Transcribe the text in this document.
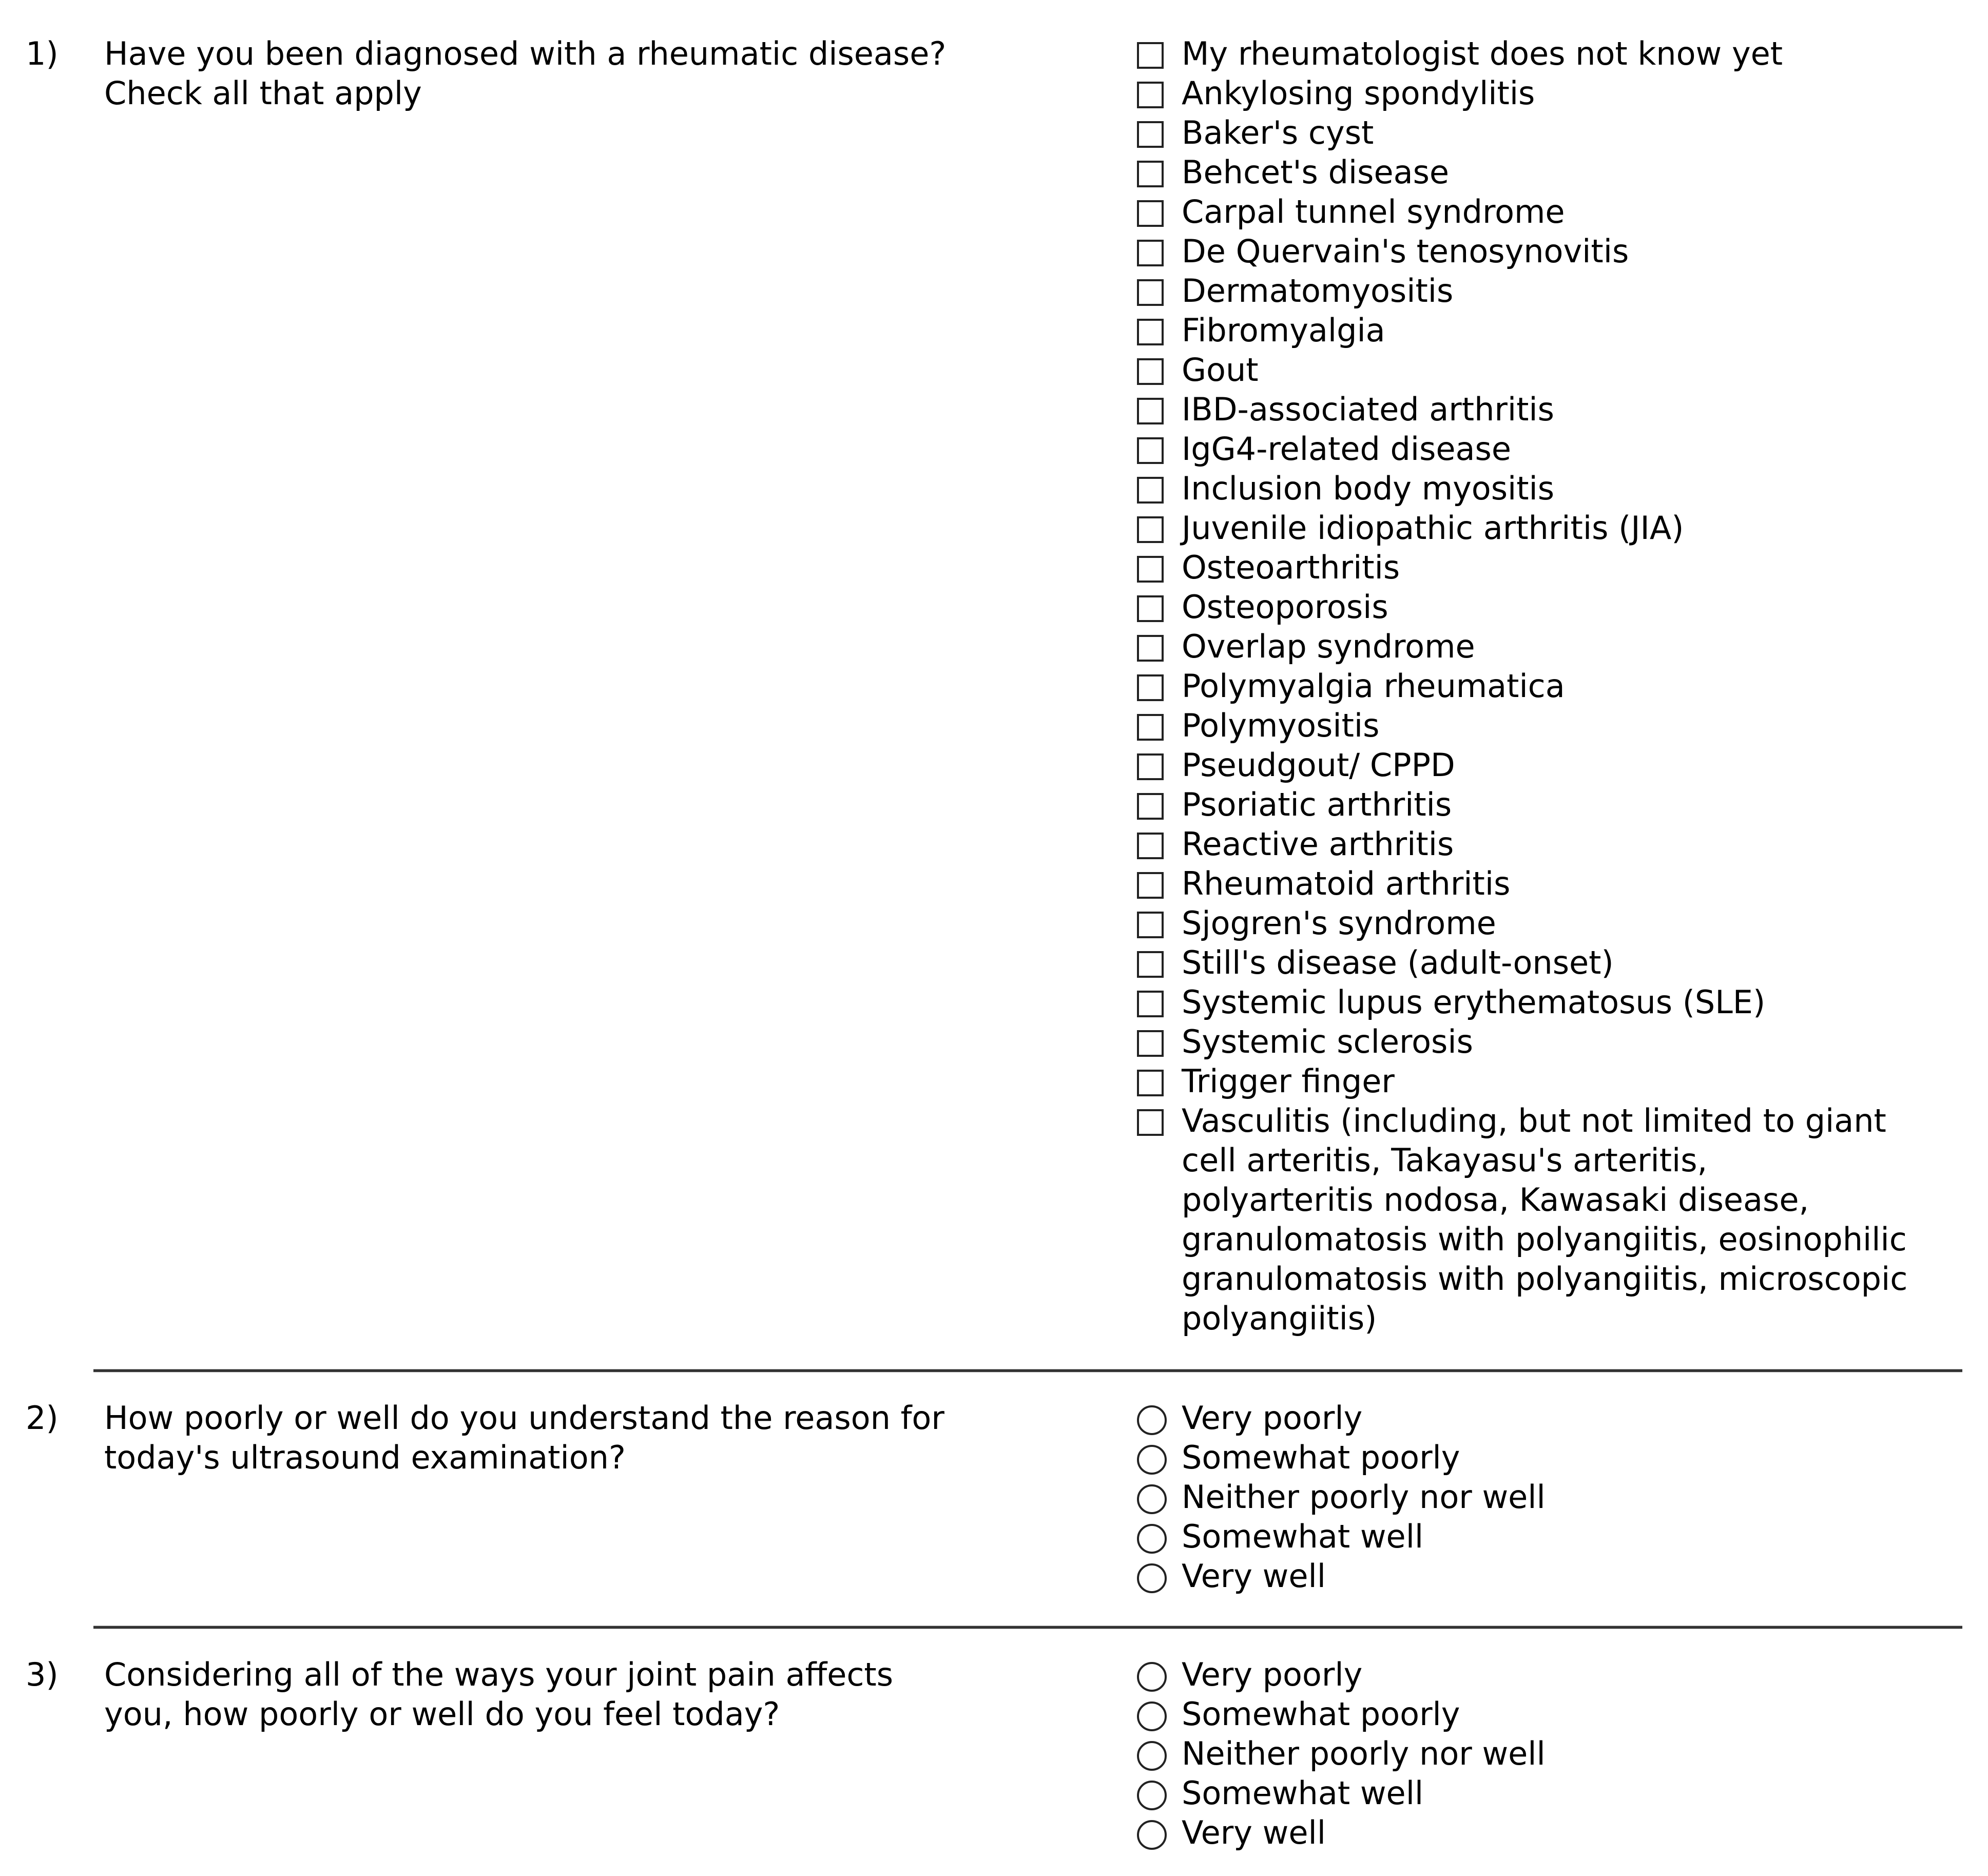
1) Have you been diagnosed with a rheumatic disease?
Check all that apply
My rheumatologist does not know yet
Ankylosing spondylitis
Baker's cyst
Behcet's disease
Carpal tunnel syndrome
De Quervain's tenosynovitis
Dermatomyositis
Fibromyalgia
Gout
IBD-associated arthritis
IgG4-related disease
Inclusion body myositis
Juvenile idiopathic arthritis (JIA)
Osteoarthritis
Osteoporosis
Overlap syndrome
Polymyalgia rheumatica
Polymyositis
Pseudgout/ CPPD
Psoriatic arthritis
Reactive arthritis
Rheumatoid arthritis
Sjogren's syndrome
Still's disease (adult-onset)
Systemic lupus erythematosus (SLE)
Systemic sclerosis
Trigger finger
Vasculitis (including, but not limited to giant
cell arteritis, Takayasu's arteritis,
polyarteritis nodosa, Kawasaki disease,
granulomatosis with polyangiitis, eosinophilic
granulomatosis with polyangiitis, microscopic
polyangiitis)
2) How poorly or well do you understand the reason for
today's ultrasound examination?
Very poorly
Somewhat poorly
Neither poorly nor well
Somewhat well
Very well
3) Considering all of the ways your joint pain affects
you, how poorly or well do you feel today?
Very poorly
Somewhat poorly
Neither poorly nor well
Somewhat well
Very well
